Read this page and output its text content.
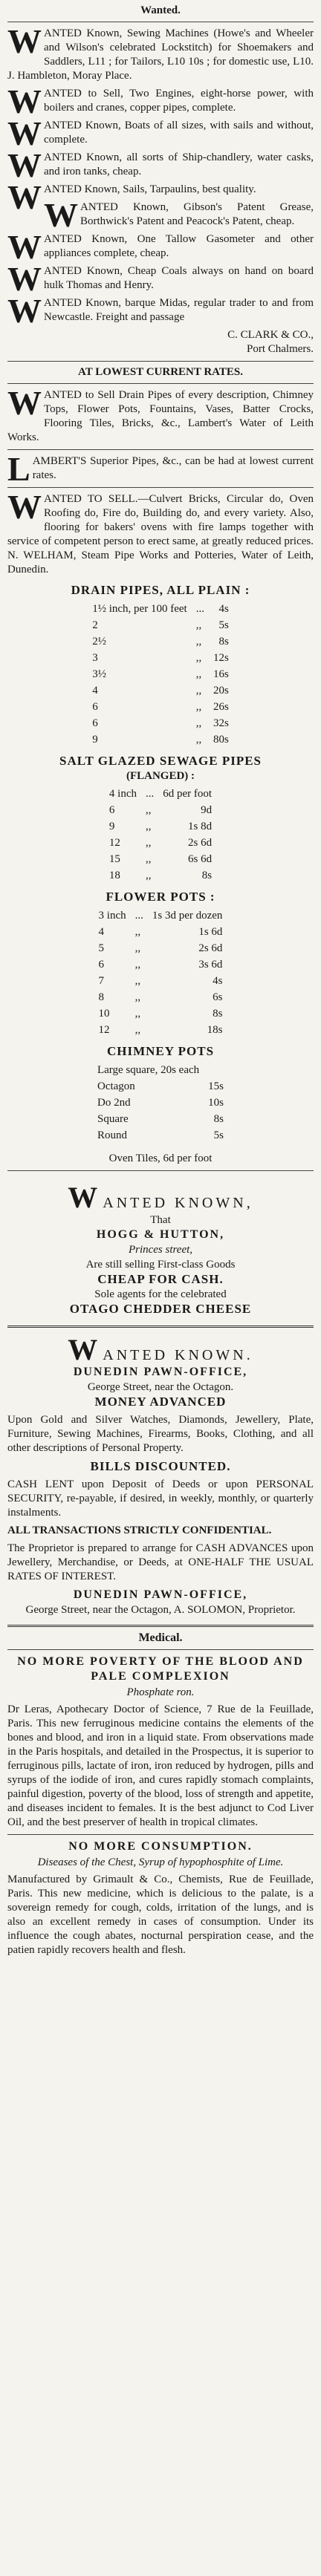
Wanted.
WANTED Known, Sewing Machines (Howe's and Wheeler and Wilson's celebrated Lockstitch) for Shoemakers and Saddlers, L11 ; for Tailors, L10 10s ; for domestic use, L10. J. Hambleton, Moray Place.
WANTED to Sell, Two Engines, eight-horse power, with boilers and cranes, copper pipes, complete.
WANTED Known, Boats of all sizes, with sails and without, complete.
WANTED Known, all sorts of Ship-chandlery, water casks, and iron tanks, cheap.
WANTED Known, Sails, Tarpaulins, best quality.
WANTED Known, Gibson's Patent Grease, Borthwick's Patent and Peacock's Patent, cheap.
WANTED Known, One Tallow Gasometer and other appliances complete, cheap.
WANTED Known, Cheap Coals always on hand on board hulk Thomas and Henry.
WANTED Known, barque Midas, regular trader to and from Newcastle. Freight and passage
C. CLARK & CO.,
Port Chalmers.
AT LOWEST CURRENT RATES.
WANTED to Sell Drain Pipes of every description, Chimney Tops, Flower Pots, Fountains, Vases, Batter Crocks, Flooring Tiles, Bricks, &c., Lambert's Water of Leith Works.
LAMBERT'S Superior Pipes, &c., can be had at lowest current rates.
WANTED TO SELL.—Culvert Bricks, Circular do, Oven Roofing do, Fire do, Building do, and every variety. Also, flooring for bakers' ovens with fire lamps together with service of competent person to erect same, at greatly reduced prices. N. WELHAM, Steam Pipe Works and Potteries, Water of Leith, Dunedin.
DRAIN PIPES, ALL PLAIN :
1½ inch, per 100 feet	...	4s
2	,,	5s
2½	,,	8s
3	,,	12s
3½	,,	16s
4	,,	20s
6	,,	26s
6	,,	32s
9	,,	80s
SALT GLAZED SEWAGE PIPES
(FLANGED) :
4 inch	...	6d per foot
6	,,	9d
9	,,	1s 8d
12	,,	2s 6d
15	,,	6s 6d
18	,,	8s
FLOWER POTS :
3 inch	...	1s 3d per dozen
4	,,	1s 6d
5	,,	2s 6d
6	,,	3s 6d
7	,,	4s
8	,,	6s
10	,,	8s
12	,,	18s
CHIMNEY POTS
Large square, 20s each	
Octagon	15s
Do 2nd	10s
Square	8s
Round	5s
Oven Tiles, 6d per foot
WANTED KNOWN,
That
HOGG & HUTTON,
Princes street,
Are still selling First-class Goods
CHEAP FOR CASH.
Sole agents for the celebrated
OTAGO CHEDDER CHEESE
WANTED KNOWN.
DUNEDIN PAWN-OFFICE,
George Street, near the Octagon.
MONEY ADVANCED
Upon Gold and Silver Watches, Diamonds, Jewellery, Plate, Furniture, Sewing Machines, Firearms, Books, Clothing, and all other descriptions of Personal Property.
BILLS DISCOUNTED.
CASH LENT upon Deposit of Deeds or upon PERSONAL SECURITY, re-payable, if desired, in weekly, monthly, or quarterly instalments.
ALL TRANSACTIONS STRICTLY CONFIDENTIAL.
The Proprietor is prepared to arrange for CASH ADVANCES upon Jewellery, Merchandise, or Deeds, at ONE-HALF THE USUAL RATES OF INTEREST.
DUNEDIN PAWN-OFFICE,
George Street, near the Octagon, A. SOLOMON, Proprietor.
Medical.
NO MORE POVERTY OF THE BLOOD AND PALE COMPLEXION
Phosphate ron.
Dr Leras, Apothecary Doctor of Science, 7 Rue de la Feuillade, Paris. This new ferruginous medicine contains the elements of the bones and blood, and iron in a liquid state. From observations made in the Paris hospitals, and detailed in the Prospectus, it is superior to ferruginous pills, lactate of iron, iron reduced by hydrogen, pills and syrups of the iodide of iron, and cures rapidly stomach complaints, painful digestion, poverty of the blood, loss of strength and appetite, and diseases incident to females. It is the best adjunct to Cod Liver Oil, and the best preserver of health in tropical climates.
NO MORE CONSUMPTION.
Diseases of the Chest, Syrup of hypophosphite of Lime.
Manufactured by Grimault & Co., Chemists, Rue de Feuillade, Paris. This new medicine, which is delicious to the palate, is a sovereign remedy for cough, colds, irritation of the lungs, and is also an excellent remedy in cases of consumption. Under its influence the cough abates, nocturnal perspiration cease, and the patien rapidly recovers health and flesh.
